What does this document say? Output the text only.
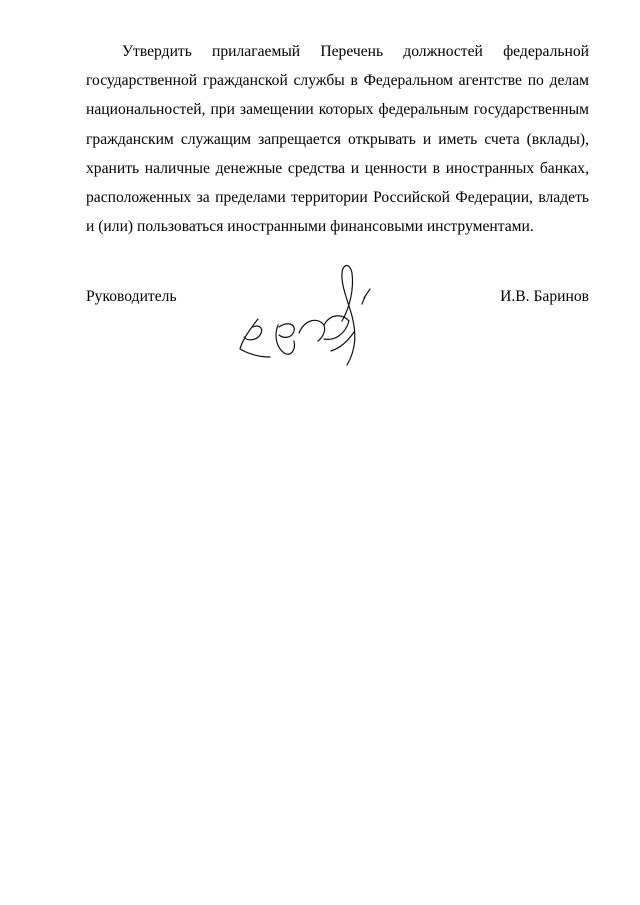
Утвердить прилагаемый Перечень должностей федеральной государственной гражданской службы в Федеральном агентстве по делам национальностей, при замещении которых федеральным государственным гражданским служащим запрещается открывать и иметь счета (вклады), хранить наличные денежные средства и ценности в иностранных банках, расположенных за пределами территории Российской Федерации, владеть и (или) пользоваться иностранными финансовыми инструментами.

Руководитель	И.В. Баринов
